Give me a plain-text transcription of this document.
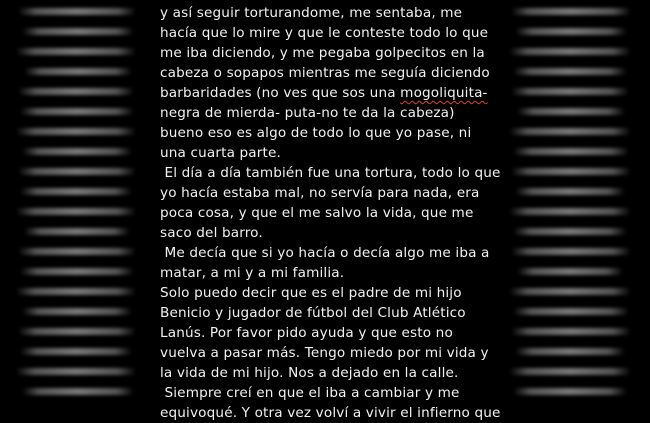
y así seguir torturandome, me sentaba, me
hacía que lo mire y que le conteste todo lo que
me iba diciendo, y me pegaba golpecitos en la
cabeza o sopapos mientras me seguía diciendo
barbaridades (no ves que sos una mogoliquita-
negra de mierda- puta-no te da la cabeza)
bueno eso es algo de todo lo que yo pase, ni
una cuarta parte.
El día a día también fue una tortura, todo lo que
yo hacía estaba mal, no servía para nada, era
poca cosa, y que el me salvo la vida, que me
saco del barro.
Me decía que si yo hacía o decía algo me iba a
matar, a mi y a mi familia.
Solo puedo decir que es el padre de mi hijo
Benicio y jugador de fútbol del Club Atlético
Lanús. Por favor pido ayuda y que esto no
vuelva a pasar más. Tengo miedo por mi vida y
la vida de mi hijo. Nos a dejado en la calle.
Siempre creí en que el iba a cambiar y me
equivoqué. Y otra vez volví a vivir el infierno que
